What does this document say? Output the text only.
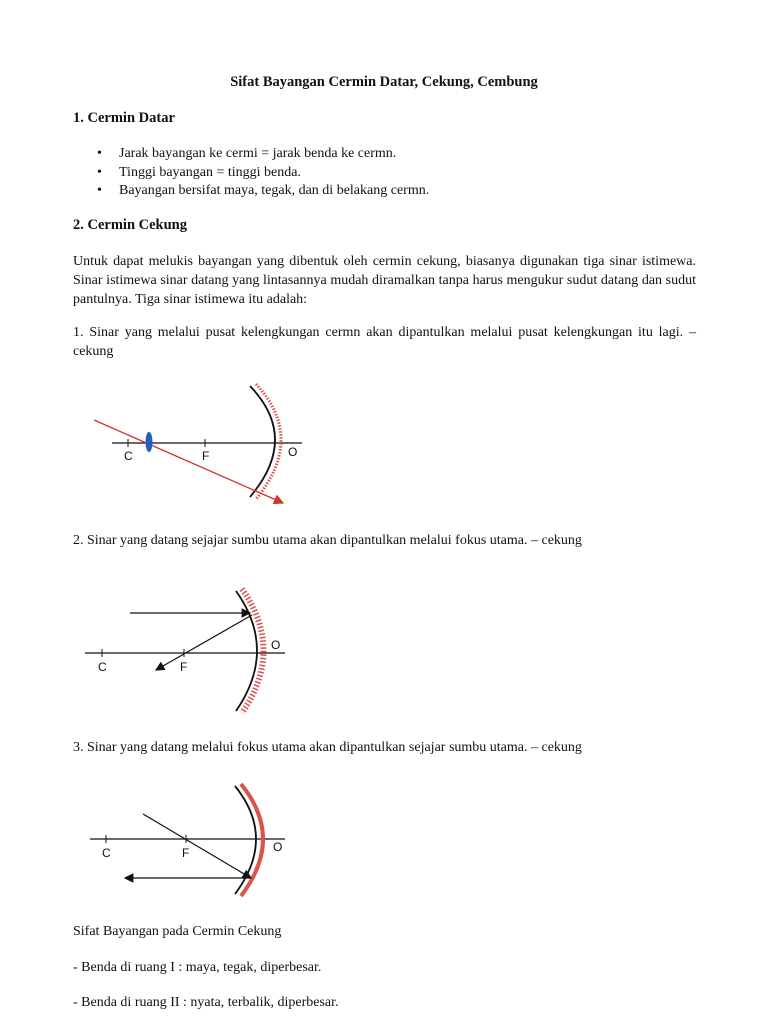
Sifat Bayangan Cermin Datar, Cekung, Cembung
1. Cermin Datar
• Jarak bayangan ke cermi = jarak benda ke cermn.
• Tinggi bayangan = tinggi benda.
• Bayangan bersifat maya, tegak, dan di belakang cermn.
2. Cermin Cekung
Untuk dapat melukis bayangan yang dibentuk oleh cermin cekung, biasanya digunakan tiga sinar istimewa. Sinar istimewa sinar datang yang lintasannya mudah diramalkan tanpa harus mengukur sudut datang dan sudut pantulnya. Tiga sinar istimewa itu adalah:
1. Sinar yang melalui pusat kelengkungan cermn akan dipantulkan melalui pusat kelengkungan itu lagi. – cekung
C	F	O
2. Sinar yang datang sejajar sumbu utama akan dipantulkan melalui fokus utama. – cekung
C	F
O
3. Sinar yang datang melalui fokus utama akan dipantulkan sejajar sumbu utama. – cekung
C	F	O
Sifat Bayangan pada Cermin Cekung
- Benda di ruang I : maya, tegak, diperbesar.
- Benda di ruang II : nyata, terbalik, diperbesar.
